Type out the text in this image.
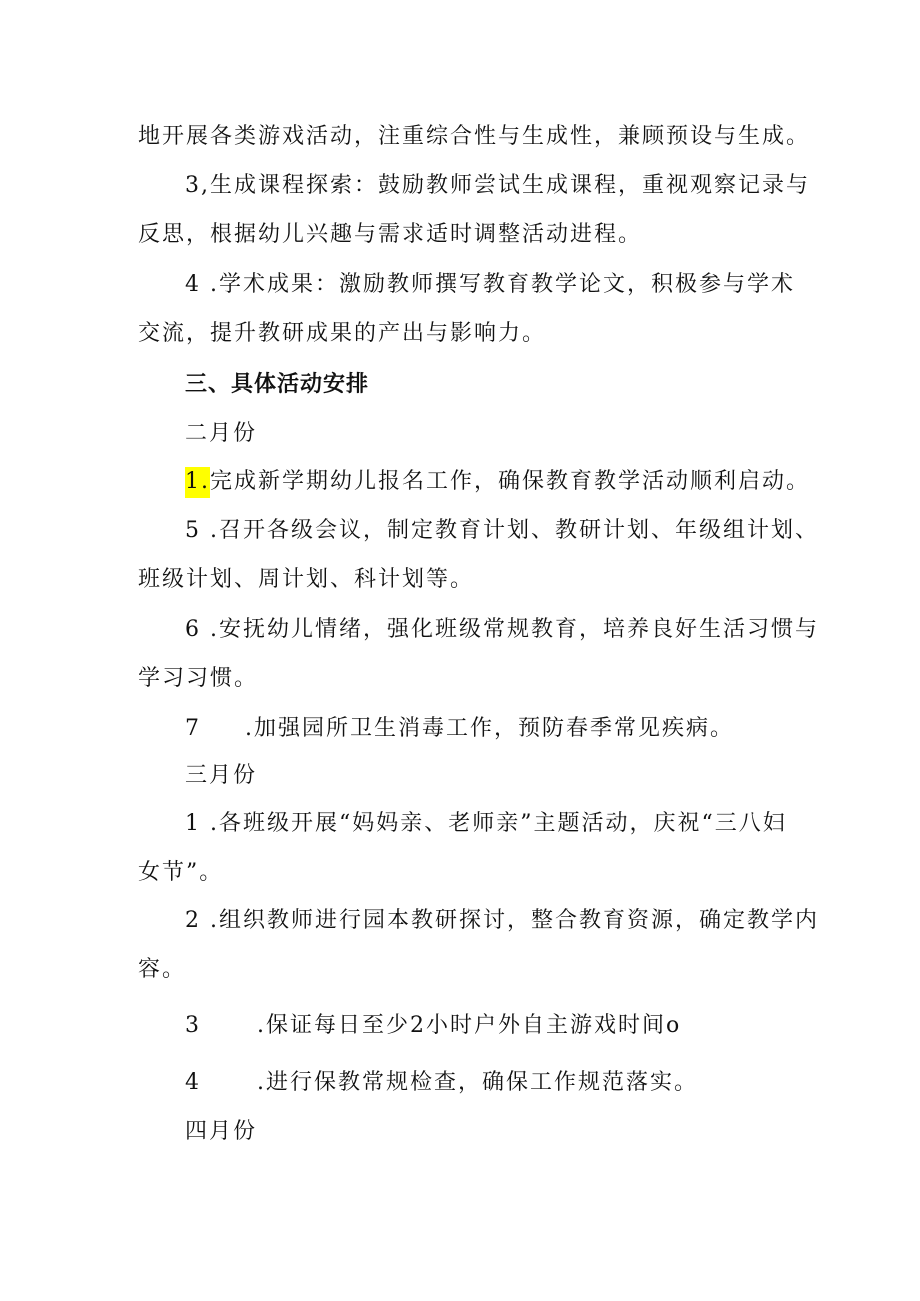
地开展各类游戏活动，注重综合性与生成性，兼顾预设与生成。
3,生成课程探索：鼓励教师尝试生成课程，重视观察记录与
反思，根据幼儿兴趣与需求适时调整活动进程。
4 .学术成果：激励教师撰写教育教学论文，积极参与学术
交流，提升教研成果的产出与影响力。
三、具体活动安排
二月份
1.完成新学期幼儿报名工作，确保教育教学活动顺利启动。
5 .召开各级会议，制定教育计划、教研计划、年级组计划、
班级计划、周计划、科计划等。
6 .安抚幼儿情绪，强化班级常规教育，培养良好生活习惯与
学习习惯。
7 .加强园所卫生消毒工作，预防春季常见疾病。
三月份
1 .各班级开展“妈妈亲、老师亲”主题活动，庆祝“三八妇
女节”。
2 .组织教师进行园本教研探讨，整合教育资源，确定教学内
容。
3	.保证每日至少2小时户外自主游戏时间o
4	.进行保教常规检查，确保工作规范落实。
四月份
